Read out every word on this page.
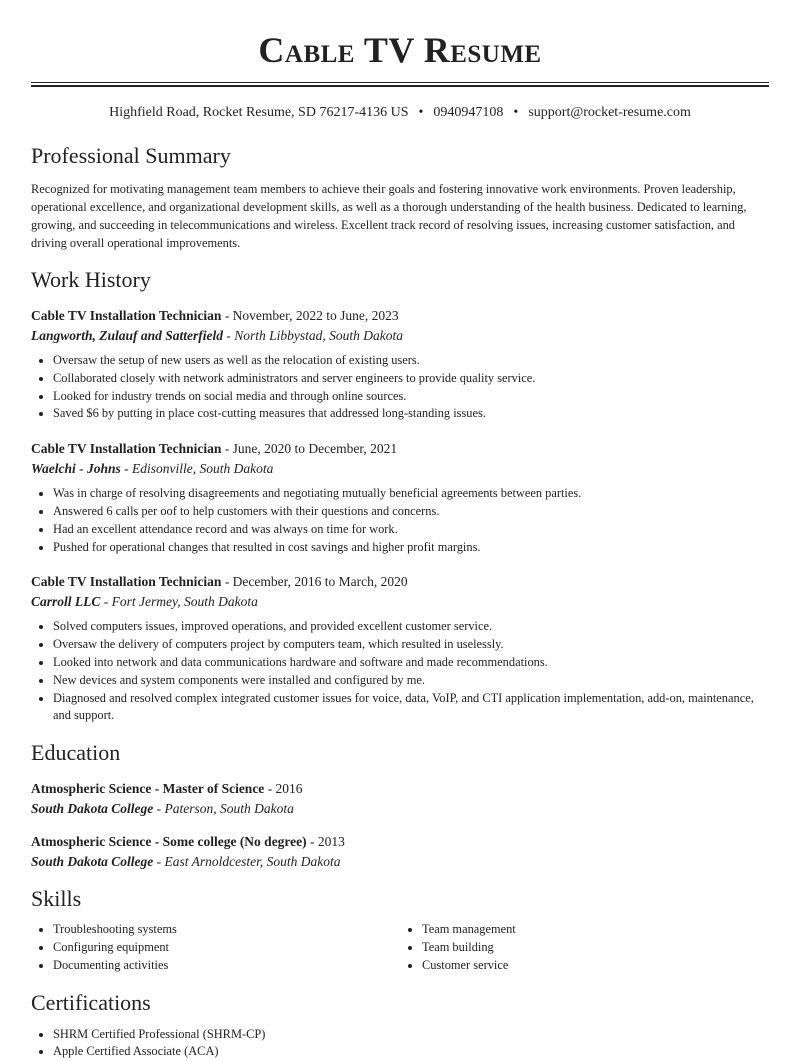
Cable TV Resume
Highfield Road, Rocket Resume, SD 76217-4136 US • 0940947108 • support@rocket-resume.com
Professional Summary

Recognized for motivating management team members to achieve their goals and fostering innovative work environments. Proven leadership, operational excellence, and organizational development skills, as well as a thorough understanding of the health business. Dedicated to learning, growing, and succeeding in telecommunications and wireless. Excellent track record of resolving issues, increasing customer satisfaction, and driving overall operational improvements.

Work History
Cable TV Installation Technician - November, 2022 to June, 2023
Langworth, Zulauf and Satterfield - North Libbystad, South Dakota
• Oversaw the setup of new users as well as the relocation of existing users.
• Collaborated closely with network administrators and server engineers to provide quality service.
• Looked for industry trends on social media and through online sources.
• Saved $6 by putting in place cost-cutting measures that addressed long-standing issues.
Cable TV Installation Technician - June, 2020 to December, 2021
Waelchi - Johns - Edisonville, South Dakota
• Was in charge of resolving disagreements and negotiating mutually beneficial agreements between parties.
• Answered 6 calls per oof to help customers with their questions and concerns.
• Had an excellent attendance record and was always on time for work.
• Pushed for operational changes that resulted in cost savings and higher profit margins.
Cable TV Installation Technician - December, 2016 to March, 2020
Carroll LLC - Fort Jermey, South Dakota
• Solved computers issues, improved operations, and provided excellent customer service.
• Oversaw the delivery of computers project by computers team, which resulted in uselessly.
• Looked into network and data communications hardware and software and made recommendations.
• New devices and system components were installed and configured by me.
• Diagnosed and resolved complex integrated customer issues for voice, data, VoIP, and CTI application implementation, add-on, maintenance, and support.
Education
Atmospheric Science - Master of Science - 2016
South Dakota College - Paterson, South Dakota
Atmospheric Science - Some college (No degree) - 2013
South Dakota College - East Arnoldcester, South Dakota
Skills
• Troubleshooting systems
• Configuring equipment
• Documenting activities
• Team management
• Team building
• Customer service
Certifications
• SHRM Certified Professional (SHRM-CP)
• Apple Certified Associate (ACA)
